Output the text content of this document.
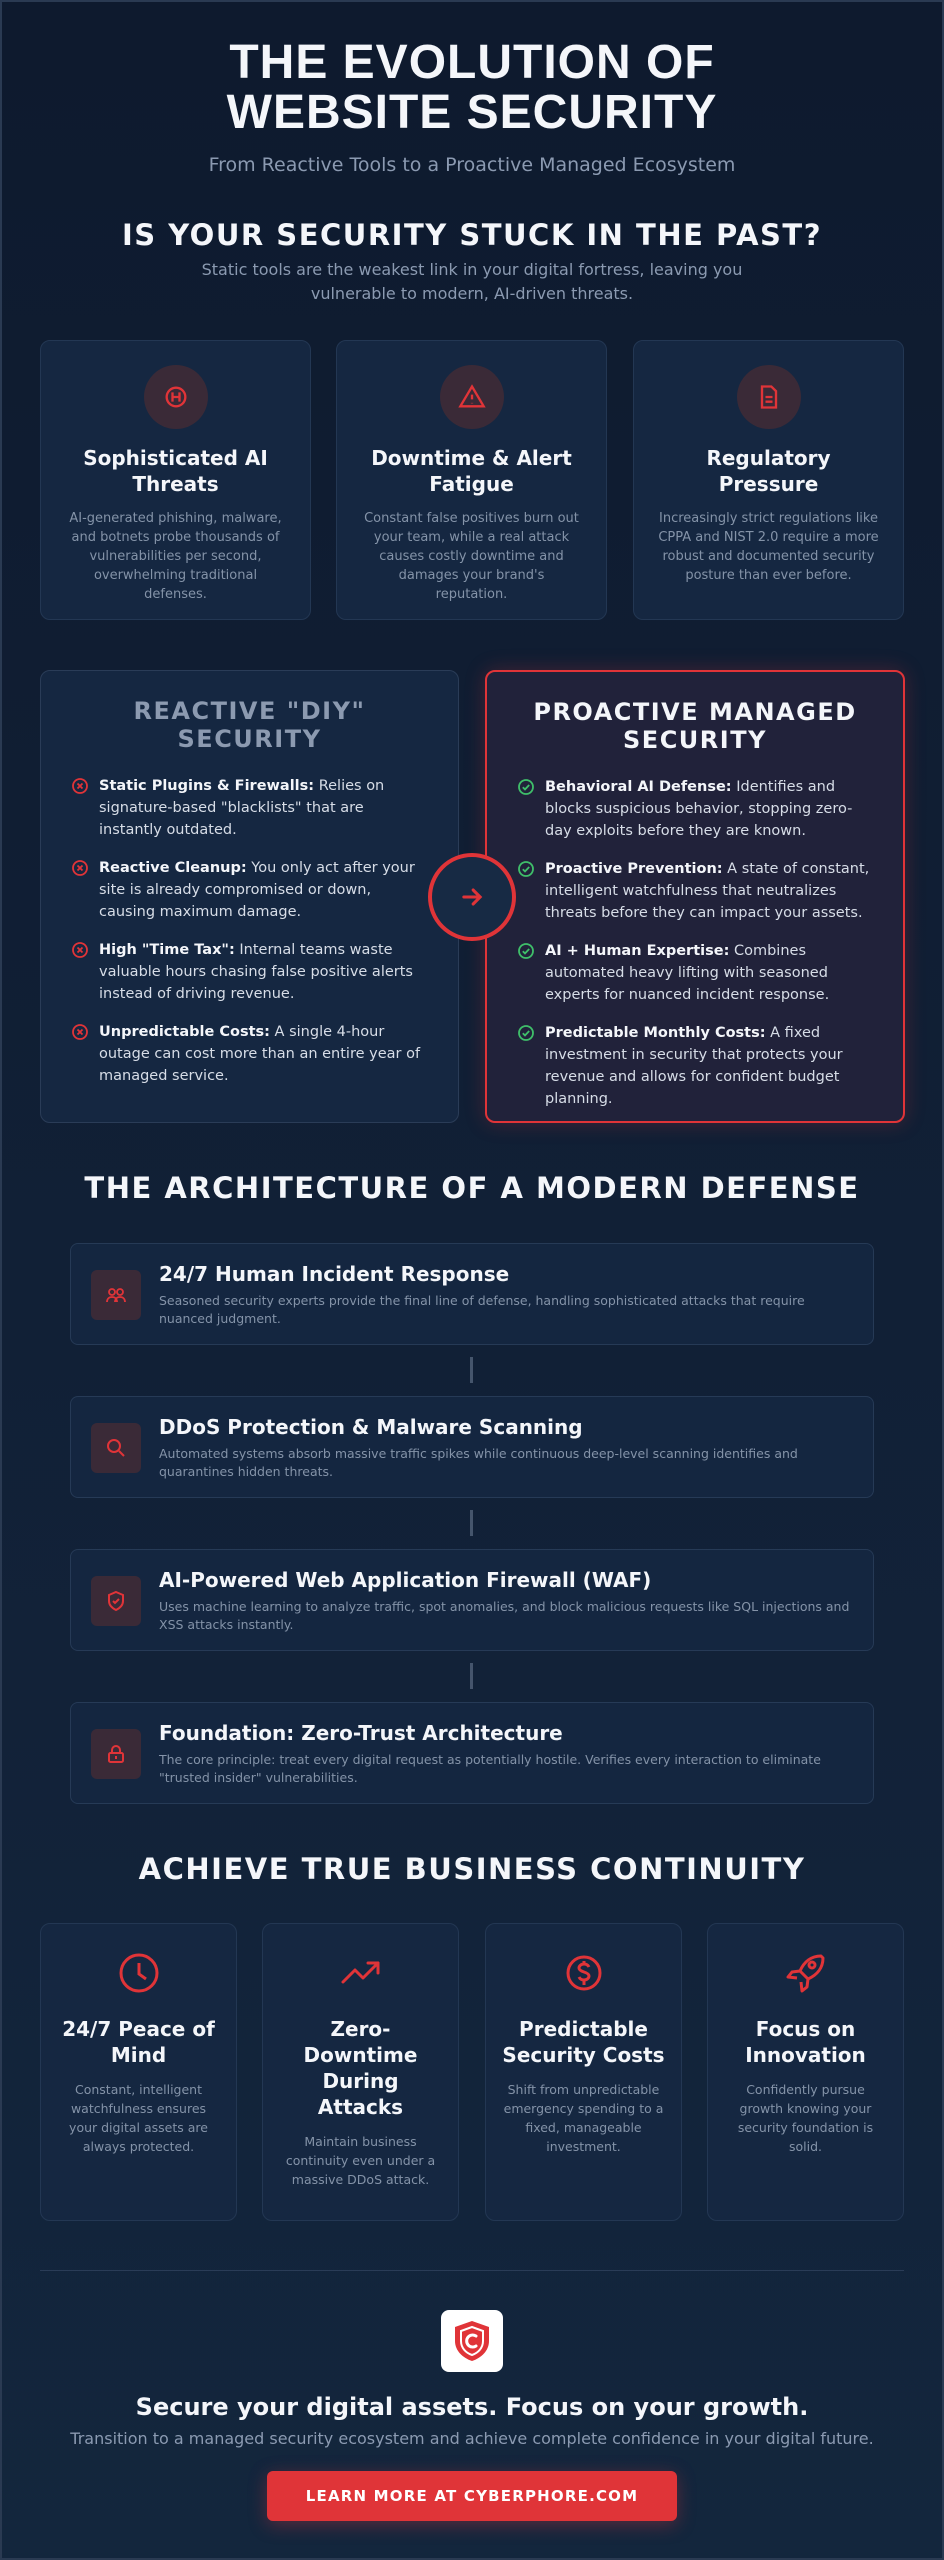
THE EVOLUTION OF
WEBSITE SECURITY
From Reactive Tools to a Proactive Managed Ecosystem
IS YOUR SECURITY STUCK IN THE PAST?
Static tools are the weakest link in your digital fortress, leaving you vulnerable to modern, AI-driven threats.
Sophisticated AI Threats

AI-generated phishing, malware, and botnets probe thousands of vulnerabilities per second, overwhelming traditional defenses.

Downtime & Alert Fatigue

Constant false positives burn out your team, while a real attack causes costly downtime and damages your brand's reputation.

Regulatory Pressure

Increasingly strict regulations like CPPA and NIST 2.0 require a more robust and documented security posture than ever before.

REACTIVE "DIY" SECURITY
Static Plugins & Firewalls: Relies on signature-based "blacklists" that are instantly outdated.
Reactive Cleanup: You only act after your site is already compromised or down, causing maximum damage.
High "Time Tax": Internal teams waste valuable hours chasing false positive alerts instead of driving revenue.
Unpredictable Costs: A single 4-hour outage can cost more than an entire year of managed service.
PROACTIVE MANAGED SECURITY
Behavioral AI Defense: Identifies and blocks suspicious behavior, stopping zero-day exploits before they are known.
Proactive Prevention: A state of constant, intelligent watchfulness that neutralizes threats before they can impact your assets.
AI + Human Expertise: Combines automated heavy lifting with seasoned experts for nuanced incident response.
Predictable Monthly Costs: A fixed investment in security that protects your revenue and allows for confident budget planning.
THE ARCHITECTURE OF A MODERN DEFENSE
24/7 Human Incident Response

Seasoned security experts provide the final line of defense, handling sophisticated attacks that require nuanced judgment.

DDoS Protection & Malware Scanning

Automated systems absorb massive traffic spikes while continuous deep-level scanning identifies and quarantines hidden threats.

AI-Powered Web Application Firewall (WAF)

Uses machine learning to analyze traffic, spot anomalies, and block malicious requests like SQL injections and XSS attacks instantly.

Foundation: Zero-Trust Architecture

The core principle: treat every digital request as potentially hostile. Verifies every interaction to eliminate "trusted insider" vulnerabilities.

ACHIEVE TRUE BUSINESS CONTINUITY
24/7 Peace of Mind

Constant, intelligent watchfulness ensures your digital assets are always protected.

Zero-Downtime During Attacks

Maintain business continuity even under a massive DDoS attack.

Predictable Security Costs

Shift from unpredictable emergency spending to a fixed, manageable investment.

Focus on Innovation

Confidently pursue growth knowing your security foundation is solid.

Secure your digital assets. Focus on your growth.
Transition to a managed security ecosystem and achieve complete confidence in your digital future.
LEARN MORE AT CYBERPHORE.COM
